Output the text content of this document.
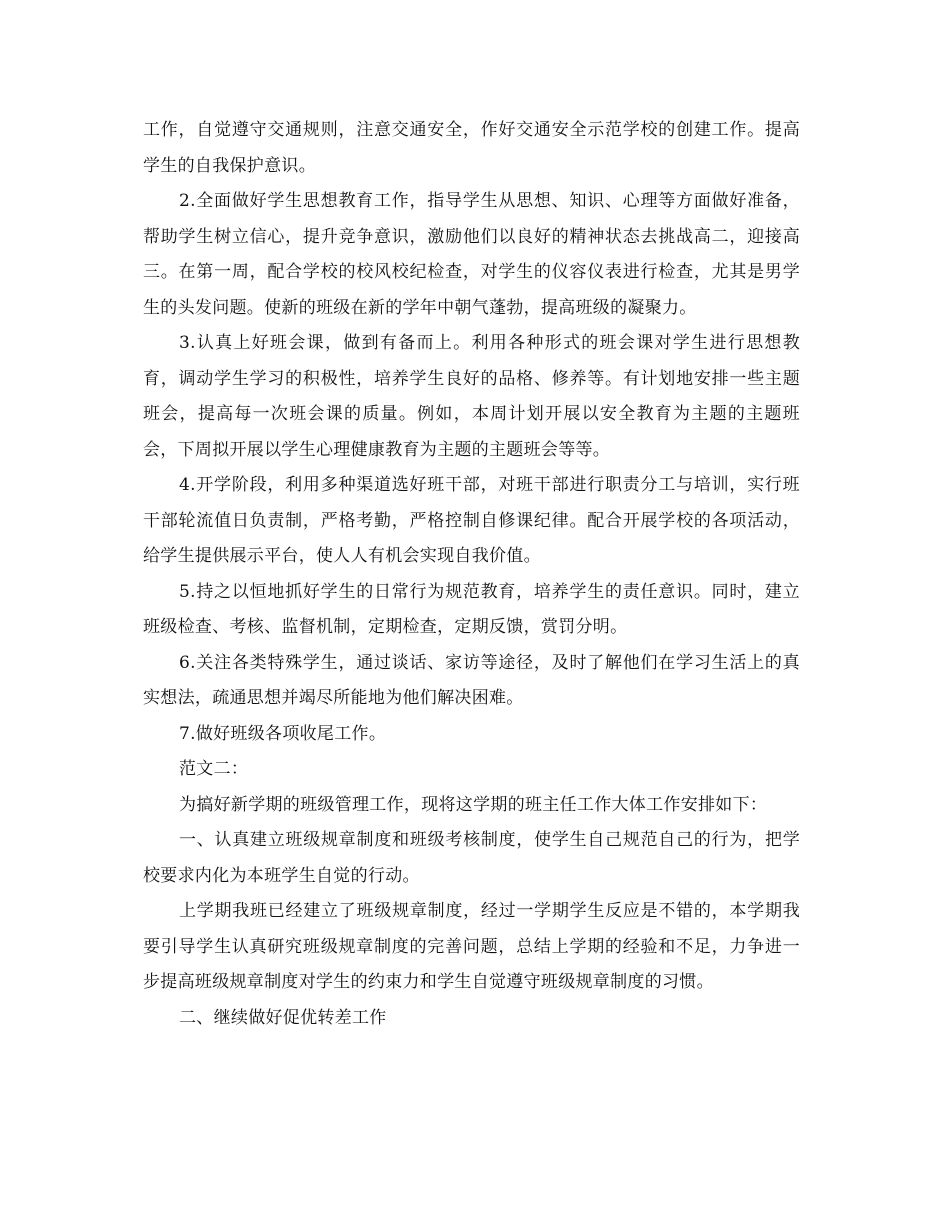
工作，自觉遵守交通规则，注意交通安全，作好交通安全示范学校的创建工作。提高学生的自我保护意识。

2.全面做好学生思想教育工作，指导学生从思想、知识、心理等方面做好准备，帮助学生树立信心，提升竞争意识，激励他们以良好的精神状态去挑战高二，迎接高三。在第一周，配合学校的校风校纪检查，对学生的仪容仪表进行检查，尤其是男学生的头发问题。使新的班级在新的学年中朝气蓬勃，提高班级的凝聚力。

3.认真上好班会课，做到有备而上。利用各种形式的班会课对学生进行思想教育，调动学生学习的积极性，培养学生良好的品格、修养等。有计划地安排一些主题班会，提高每一次班会课的质量。例如，本周计划开展以安全教育为主题的主题班会，下周拟开展以学生心理健康教育为主题的主题班会等等。

4.开学阶段，利用多种渠道选好班干部，对班干部进行职责分工与培训，实行班干部轮流值日负责制，严格考勤，严格控制自修课纪律。配合开展学校的各项活动，给学生提供展示平台，使人人有机会实现自我价值。

5.持之以恒地抓好学生的日常行为规范教育，培养学生的责任意识。同时，建立班级检查、考核、监督机制，定期检查，定期反馈，赏罚分明。

6.关注各类特殊学生，通过谈话、家访等途径，及时了解他们在学习生活上的真实想法，疏通思想并竭尽所能地为他们解决困难。

7.做好班级各项收尾工作。

范文二：

为搞好新学期的班级管理工作，现将这学期的班主任工作大体工作安排如下：

一、认真建立班级规章制度和班级考核制度，使学生自己规范自己的行为，把学校要求内化为本班学生自觉的行动。

上学期我班已经建立了班级规章制度，经过一学期学生反应是不错的，本学期我要引导学生认真研究班级规章制度的完善问题，总结上学期的经验和不足，力争进一步提高班级规章制度对学生的约束力和学生自觉遵守班级规章制度的习惯。

二、继续做好促优转差工作
